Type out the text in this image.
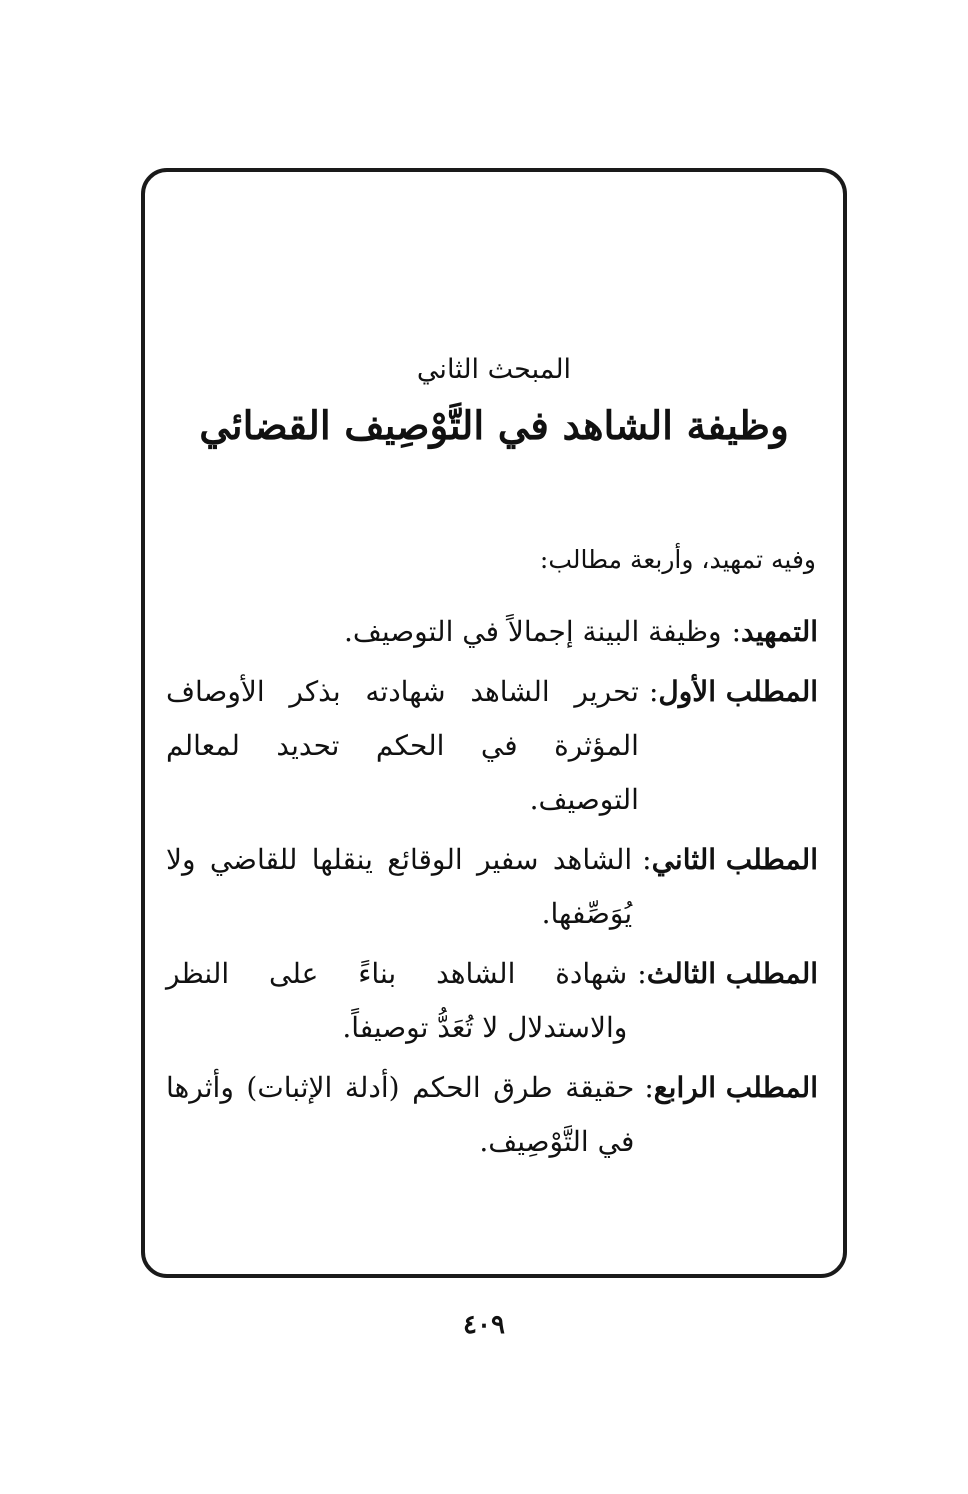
المبحث الثاني
وظيفة الشاهد في التَّوْصِيف القضائي
وفيه تمهيد، وأربعة مطالب:
التمهيد:
وظيفة البينة إجمالاً في التوصيف.
المطلب الأول:
تحرير الشاهد شهادته بذكر الأوصاف المؤثرة في الحكم تحديد لمعالم التوصيف.
المطلب الثاني:
الشاهد سفير الوقائع ينقلها للقاضي ولا يُوَصِّفها.
المطلب الثالث:
شهادة الشاهد بناءً على النظر والاستدلال لا تُعَدُّ توصيفاً.
المطلب الرابع:
حقيقة طرق الحكم (أدلة الإثبات) وأثرها في التَّوْصِيف.
٤٠٩
